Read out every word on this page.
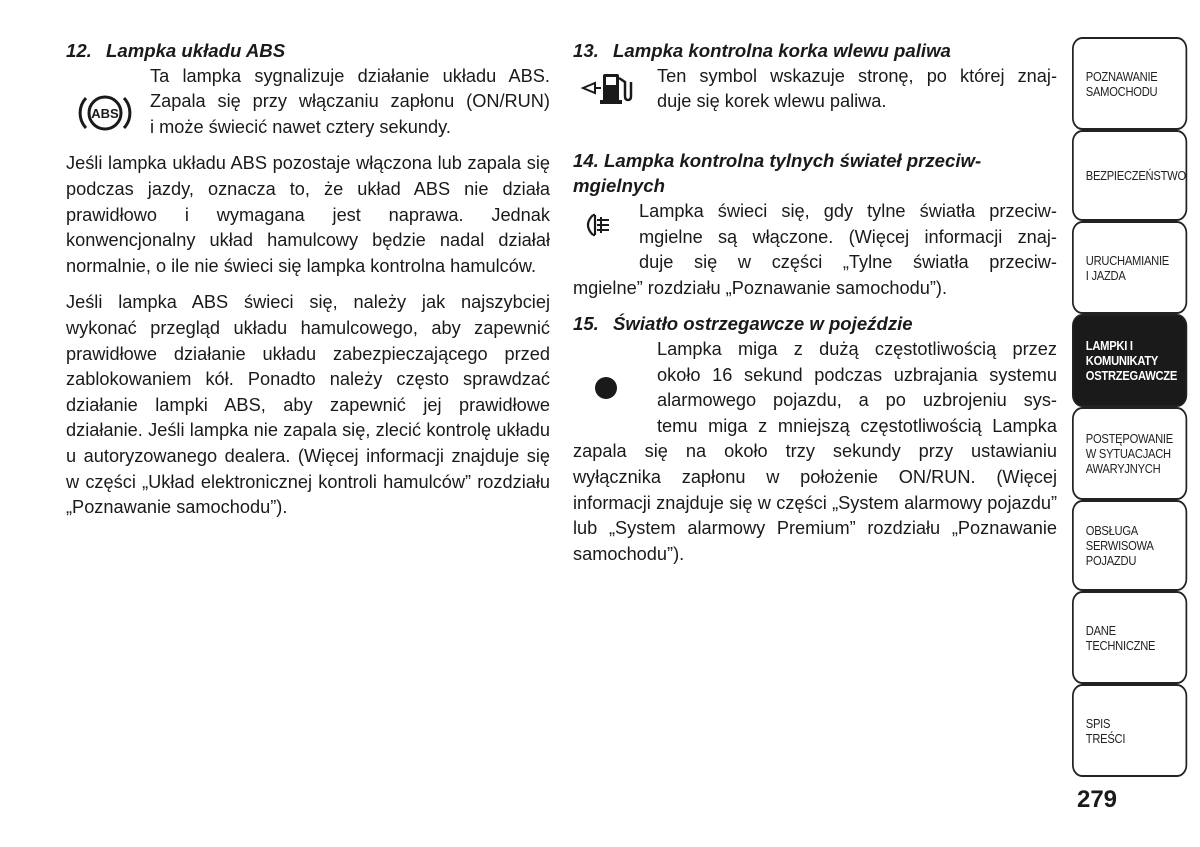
12. Lampka układu ABS

ABS
Ta lampka sygnalizuje działanie układu ABS.
Zapala się przy włączaniu zapłonu (ON/RUN)
i może świecić nawet cztery sekundy.

Jeśli lampka układu ABS pozostaje włączona lub zapala się podczas jazdy, oznacza to, że układ ABS nie działa prawidłowo i wymagana jest naprawa. Jednak konwencjonalny układ hamulcowy będzie nadal działał normalnie, o ile nie świeci się lampka kontrolna hamulców.

Jeśli lampka ABS świeci się, należy jak najszybciej wykonać przegląd układu hamulcowego, aby zapewnić prawidłowe działanie układu zabezpieczającego przed zablokowaniem kół. Ponadto należy często sprawdzać działanie lampki ABS, aby zapewnić jej prawidłowe działanie. Jeśli lampka nie zapala się, zlecić kontrolę układu u autoryzowanego dealera. (Więcej informacji znajduje się w części „Układ elektronicznej kontroli hamulców” rozdziału „Poznawanie samochodu”).

13. Lampka kontrolna korka wlewu paliwa

Ten symbol wskazuje stronę, po której znaj-
duje się korek wlewu paliwa.

14. Lampka kontrolna tylnych świateł przeciw-mgielnych

Lampka świeci się, gdy tylne światła przeciw-
mgielne są włączone. (Więcej informacji znaj-
duje się w części „Tylne światła przeciw-

mgielne” rozdziału „Poznawanie samochodu”).

15. Światło ostrzegawcze w pojeździe

Lampka miga z dużą częstotliwością przez
około 16 sekund podczas uzbrajania systemu
alarmowego pojazdu, a po uzbrojeniu sys-
temu miga z mniejszą częstotliwością Lampka

zapala się na około trzy sekundy przy ustawianiu wyłącznika zapłonu w położenie ON/RUN. (Więcej informacji znajduje się w części „System alarmowy pojazdu” lub „System alarmowy Premium” rozdziału „Poznawanie samochodu”).

POZNAWANIE
SAMOCHODU
BEZPIECZEŃSTWO
URUCHAMIANIE
I JAZDA
LAMPKI I
KOMUNIKATY
OSTRZEGAWCZE
POSTĘPOWANIE
W SYTUACJACH
AWARYJNYCH
OBSŁUGA
SERWISOWA
POJAZDU
DANE
TECHNICZNE
SPIS
TREŚCI
279
